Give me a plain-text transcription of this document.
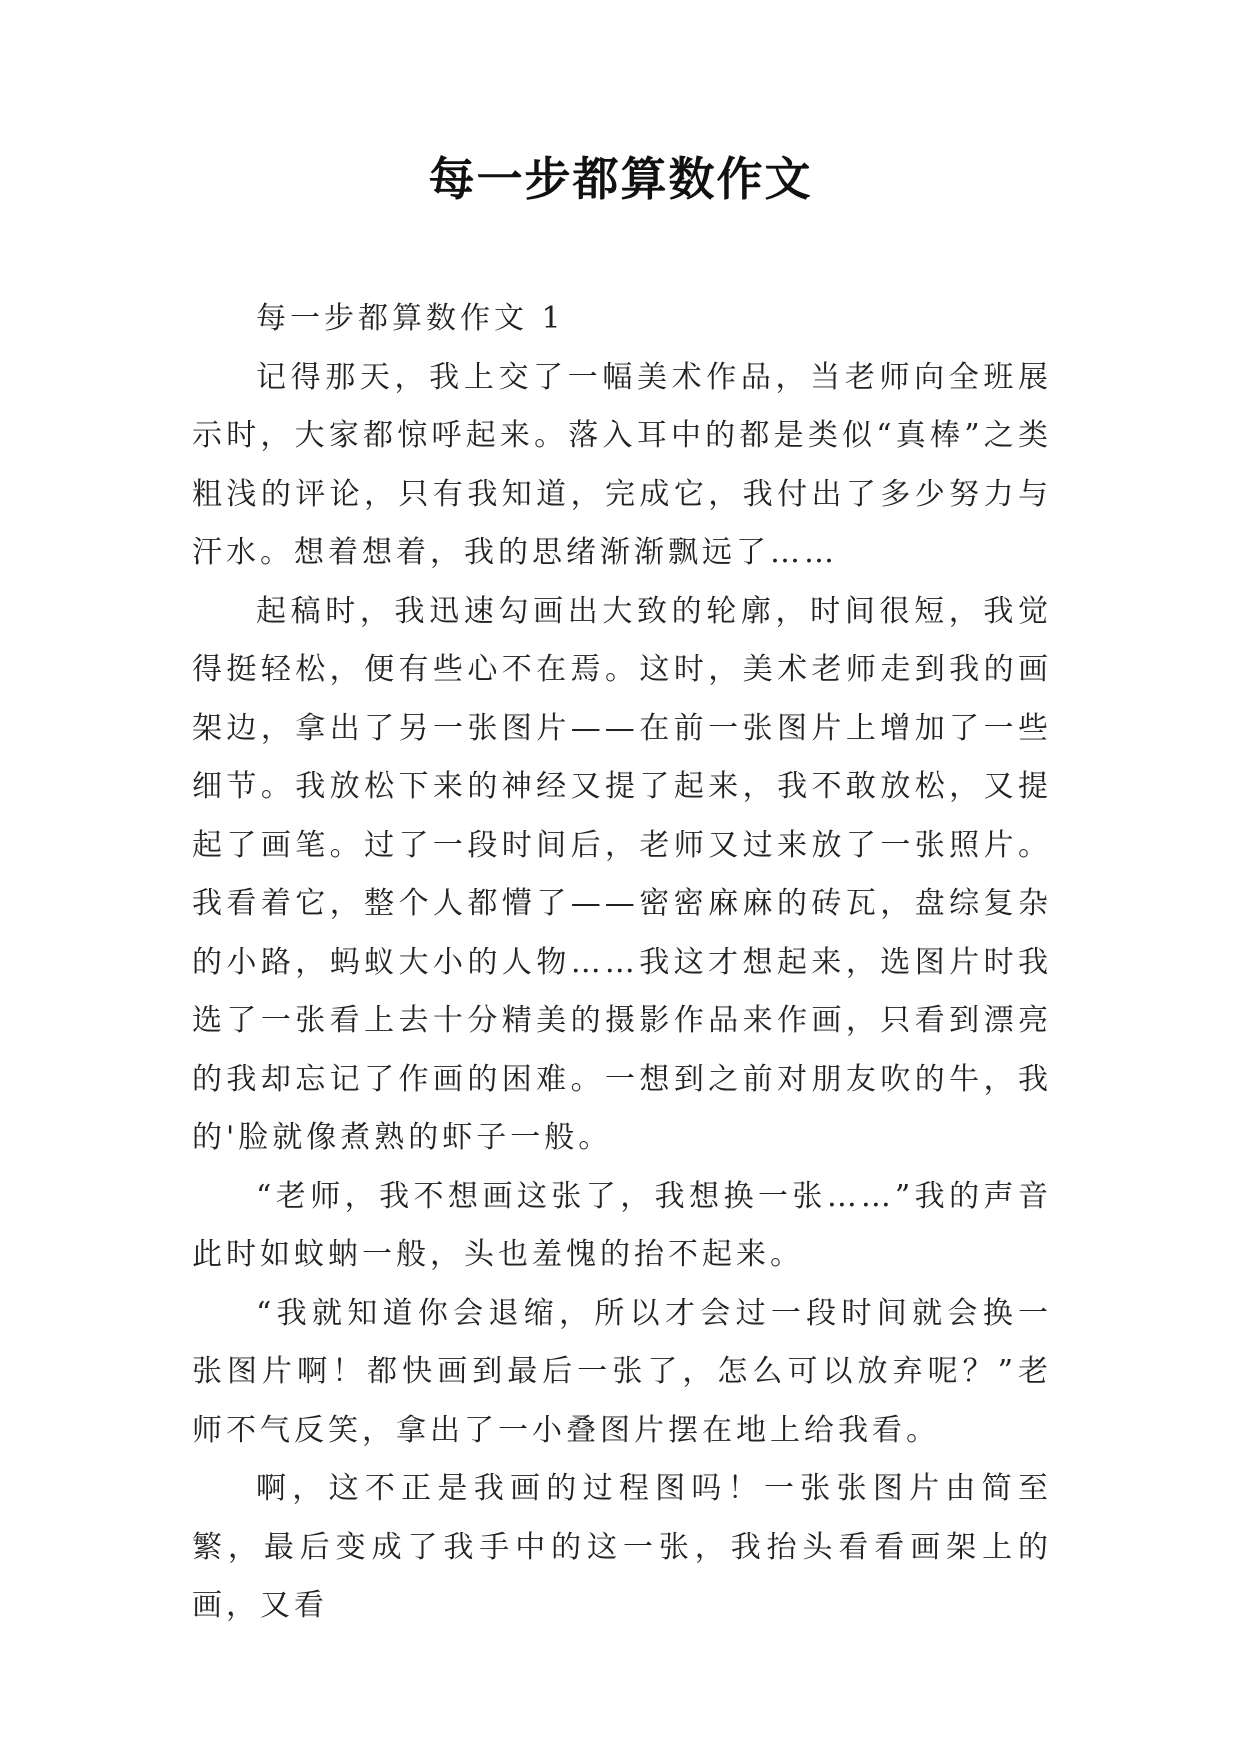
每一步都算数作文

每一步都算数作文 1

记得那天，我上交了一幅美术作品，当老师向全班展示时，大家都惊呼起来。落入耳中的都是类似“真棒”之类粗浅的评论，只有我知道，完成它，我付出了多少努力与汗水。想着想着，我的思绪渐渐飘远了……

起稿时，我迅速勾画出大致的轮廓，时间很短，我觉得挺轻松，便有些心不在焉。这时，美术老师走到我的画架边，拿出了另一张图片——在前一张图片上增加了一些细节。我放松下来的神经又提了起来，我不敢放松，又提起了画笔。过了一段时间后，老师又过来放了一张照片。我看着它，整个人都懵了——密密麻麻的砖瓦，盘综复杂的小路，蚂蚁大小的人物……我这才想起来，选图片时我选了一张看上去十分精美的摄影作品来作画，只看到漂亮的我却忘记了作画的困难。一想到之前对朋友吹的牛，我的'脸就像煮熟的虾子一般。

“老师，我不想画这张了，我想换一张……”我的声音此时如蚊蚋一般，头也羞愧的抬不起来。

“我就知道你会退缩，所以才会过一段时间就会换一张图片啊！都快画到最后一张了，怎么可以放弃呢？”老师不气反笑，拿出了一小叠图片摆在地上给我看。

啊，这不正是我画的过程图吗！一张张图片由简至繁，最后变成了我手中的这一张，我抬头看看画架上的画，又看
